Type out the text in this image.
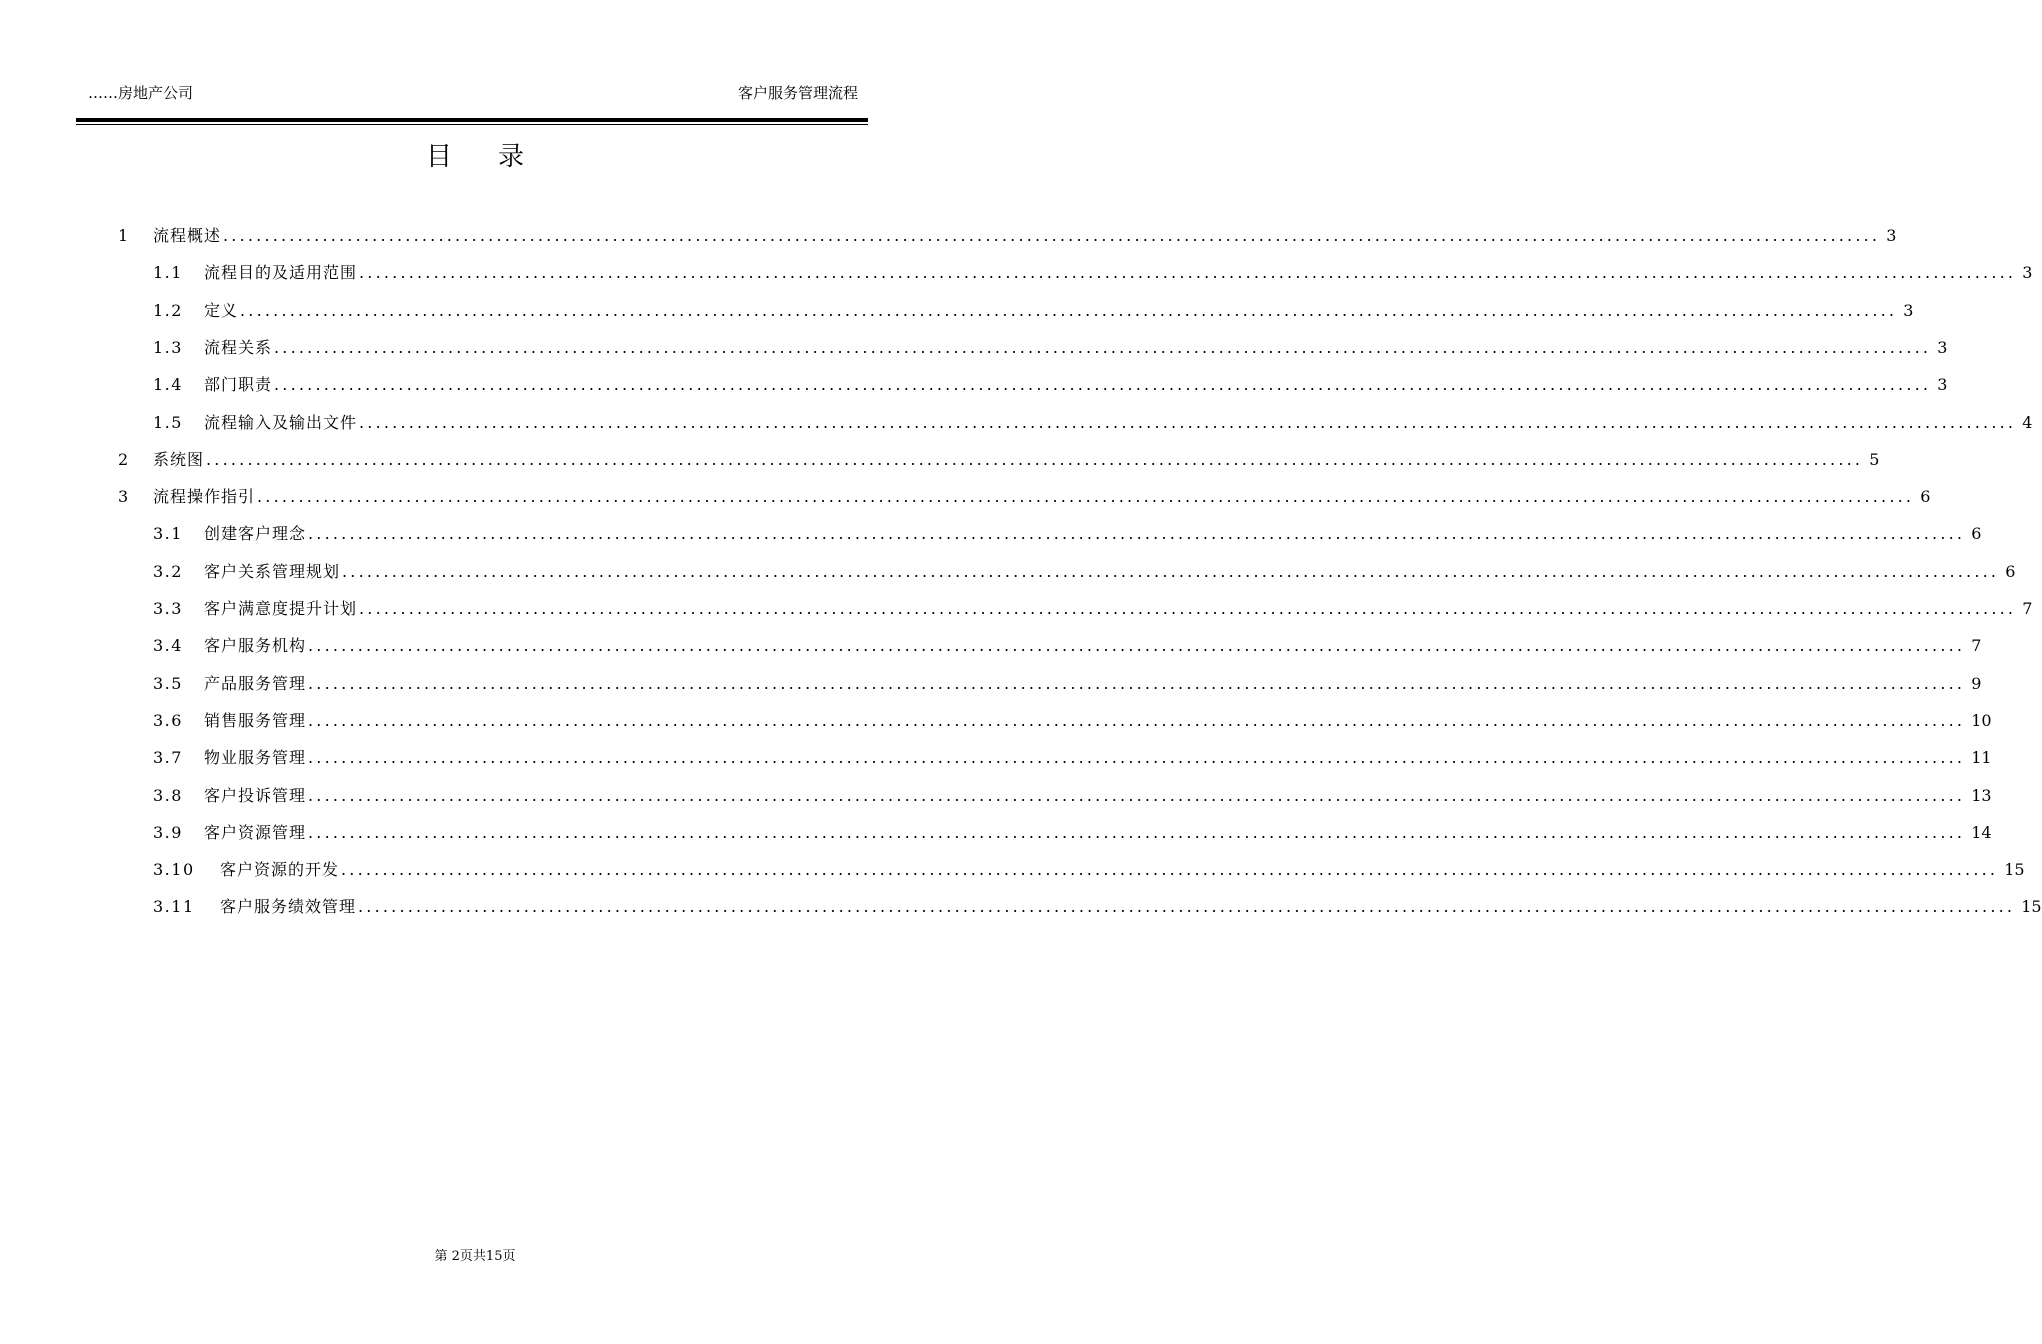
……房地产公司	客户服务管理流程
目 录
1	流程概述 ........................................................................................................................................................................................................ 3
1.1	流程目的及适用范围 ........................................................................................................................................................................................................ 3
1.2	定义 ........................................................................................................................................................................................................ 3
1.3	流程关系 ........................................................................................................................................................................................................ 3
1.4	部门职责 ........................................................................................................................................................................................................ 3
1.5	流程输入及输出文件 ........................................................................................................................................................................................................ 4
2	系统图 ........................................................................................................................................................................................................ 5
3	流程操作指引 ........................................................................................................................................................................................................ 6
3.1	创建客户理念 ........................................................................................................................................................................................................ 6
3.2	客户关系管理规划 ........................................................................................................................................................................................................ 6
3.3	客户满意度提升计划 ........................................................................................................................................................................................................ 7
3.4	客户服务机构 ........................................................................................................................................................................................................ 7
3.5	产品服务管理 ........................................................................................................................................................................................................ 9
3.6	销售服务管理 ........................................................................................................................................................................................................ 10
3.7	物业服务管理 ........................................................................................................................................................................................................ 11
3.8	客户投诉管理 ........................................................................................................................................................................................................ 13
3.9	客户资源管理 ........................................................................................................................................................................................................ 14
3.10	客户资源的开发 ........................................................................................................................................................................................................ 15
3.11	客户服务绩效管理 ........................................................................................................................................................................................................ 15
第 2页共15页
